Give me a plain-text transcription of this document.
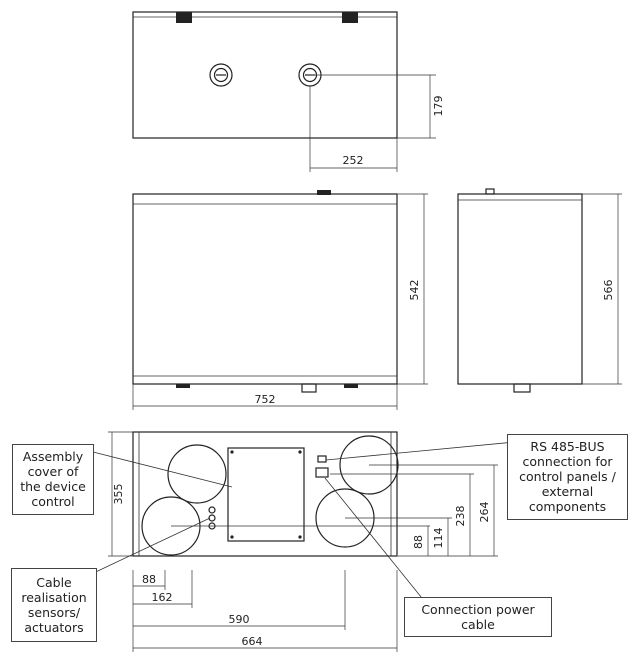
179
252
542
752
566
355
264
238
114
88
88
162
590
664
Assembly
cover of
the device
control
RS 485-BUS
connection for
control panels /
external
components
Cable
realisation
sensors/
actuators
Connection power
cable
